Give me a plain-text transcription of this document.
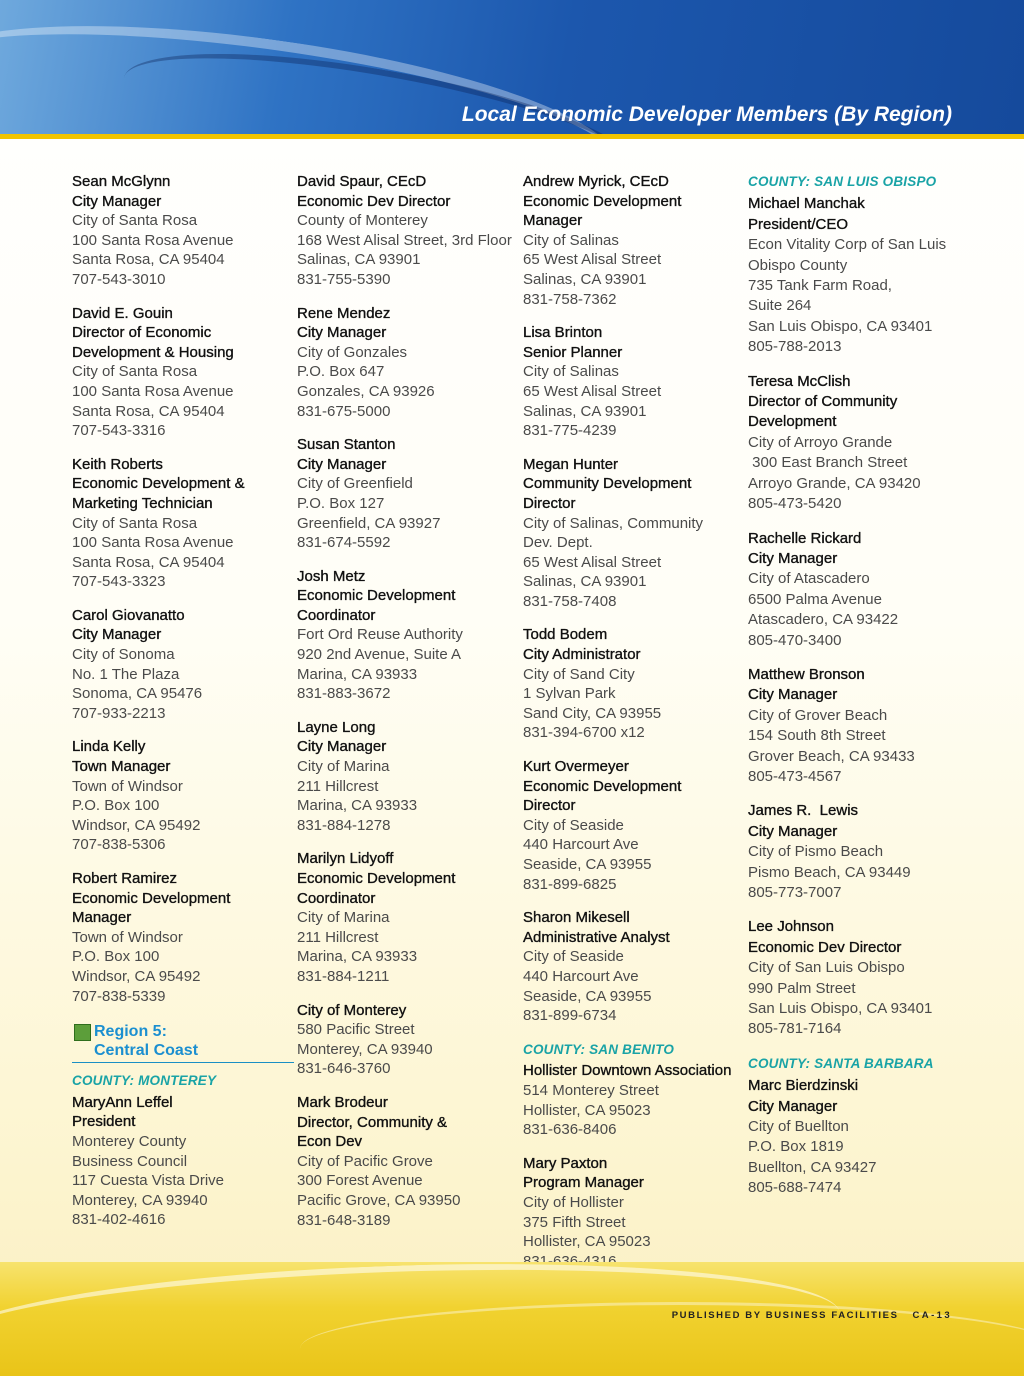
Local Economic Developer Members (By Region)
Sean McGlynn
City Manager
City of Santa Rosa
100 Santa Rosa Avenue
Santa Rosa, CA 95404
707-543-3010
David E. Gouin
Director of Economic
Development & Housing
City of Santa Rosa
100 Santa Rosa Avenue
Santa Rosa, CA 95404
707-543-3316
Keith Roberts
Economic Development &
Marketing Technician
City of Santa Rosa
100 Santa Rosa Avenue
Santa Rosa, CA 95404
707-543-3323
Carol Giovanatto
City Manager
City of Sonoma
No. 1 The Plaza
Sonoma, CA 95476
707-933-2213
Linda Kelly
Town Manager
Town of Windsor
P.O. Box 100
Windsor, CA 95492
707-838-5306
Robert Ramirez
Economic Development
Manager
Town of Windsor
P.O. Box 100
Windsor, CA 95492
707-838-5339
Region 5:
Central Coast
COUNTY: MONTEREY
MaryAnn Leffel
President
Monterey County
Business Council
117 Cuesta Vista Drive
Monterey, CA 93940
831-402-4616
David Spaur, CEcD
Economic Dev Director
County of Monterey
168 West Alisal Street, 3rd Floor
Salinas, CA 93901
831-755-5390
Rene Mendez
City Manager
City of Gonzales
P.O. Box 647
Gonzales, CA 93926
831-675-5000
Susan Stanton
City Manager
City of Greenfield
P.O. Box 127
Greenfield, CA 93927
831-674-5592
Josh Metz
Economic Development
Coordinator
Fort Ord Reuse Authority
920 2nd Avenue, Suite A
Marina, CA 93933
831-883-3672
Layne Long
City Manager
City of Marina
211 Hillcrest
Marina, CA 93933
831-884-1278
Marilyn Lidyoff
Economic Development
Coordinator
City of Marina
211 Hillcrest
Marina, CA 93933
831-884-1211
City of Monterey
580 Pacific Street
Monterey, CA 93940
831-646-3760
Mark Brodeur
Director, Community &
Econ Dev
City of Pacific Grove
300 Forest Avenue
Pacific Grove, CA 93950
831-648-3189
Andrew Myrick, CEcD
Economic Development
Manager
City of Salinas
65 West Alisal Street
Salinas, CA 93901
831-758-7362
Lisa Brinton
Senior Planner
City of Salinas
65 West Alisal Street
Salinas, CA 93901
831-775-4239
Megan Hunter
Community Development
Director
City of Salinas, Community
Dev. Dept.
65 West Alisal Street
Salinas, CA 93901
831-758-7408
Todd Bodem
City Administrator
City of Sand City
1 Sylvan Park
Sand City, CA 93955
831-394-6700 x12
Kurt Overmeyer
Economic Development
Director
City of Seaside
440 Harcourt Ave
Seaside, CA 93955
831-899-6825
Sharon Mikesell
Administrative Analyst
City of Seaside
440 Harcourt Ave
Seaside, CA 93955
831-899-6734
COUNTY: SAN BENITO
Hollister Downtown Association
514 Monterey Street
Hollister, CA 95023
831-636-8406
Mary Paxton
Program Manager
City of Hollister
375 Fifth Street
Hollister, CA 95023
COUNTY: SAN LUIS OBISPO
Michael Manchak
President/CEO
Econ Vitality Corp of San Luis
Obispo County
735 Tank Farm Road,
Suite 264
San Luis Obispo, CA 93401
805-788-2013
Teresa McClish
Director of Community
Development
City of Arroyo Grande
300 East Branch Street
Arroyo Grande, CA 93420
805-473-5420
Rachelle Rickard
City Manager
City of Atascadero
6500 Palma Avenue
Atascadero, CA 93422
805-470-3400
Matthew Bronson
City Manager
City of Grover Beach
154 South 8th Street
Grover Beach, CA 93433
805-473-4567
James R.  Lewis
City Manager
City of Pismo Beach
Pismo Beach, CA 93449
805-773-7007
Lee Johnson
Economic Dev Director
City of San Luis Obispo
990 Palm Street
San Luis Obispo, CA 93401
805-781-7164
COUNTY: SANTA BARBARA
Marc Bierdzinski
City Manager
City of Buellton
P.O. Box 1819
Buellton, CA 93427
805-688-7474
PUBLISHED BY BUSINESS FACILITIES CA-13
